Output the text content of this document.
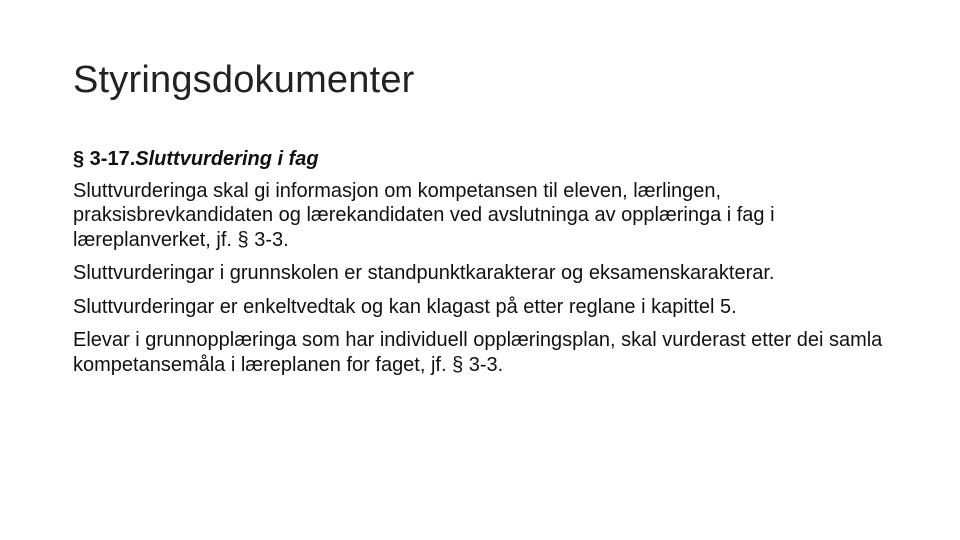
Styringsdokumenter

§ 3-17.Sluttvurdering i fag

Sluttvurderinga skal gi informasjon om kompetansen til eleven, lærlingen, praksisbrevkandidaten og lærekandidaten ved avslutninga av opplæringa i fag i læreplanverket, jf. § 3-3.

Sluttvurderingar i grunnskolen er standpunktkarakterar og eksamenskarakterar.

Sluttvurderingar er enkeltvedtak og kan klagast på etter reglane i kapittel 5.

Elevar i grunnopplæringa som har individuell opplæringsplan, skal vurderast etter dei samla kompetansemåla i læreplanen for faget, jf. § 3-3.
